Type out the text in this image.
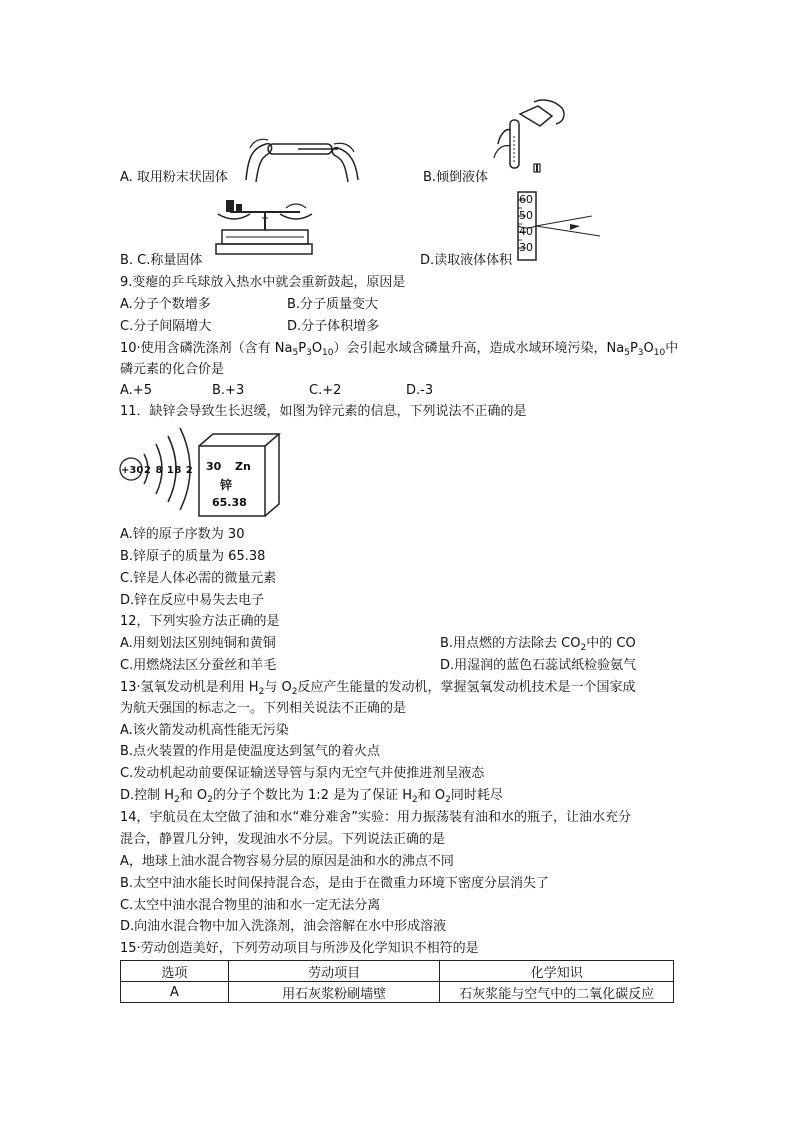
A. 取用粉末状固体	B.倾倒液体
60
50
40
30
B. C.称量固体	D.读取液体体积
9.变瘪的乒乓球放入热水中就会重新鼓起，原因是
A.分子个数增多	B.分子质量变大
C.分子间隔增大	D.分子体积增多
10·使用含磷洗涤剂（含有 $Na_5P_3O_{10}$）会引起水域含磷量升高，造成水域环境污染，$Na_5P_3O_{10}$中
磷元素的化合价是
A.+5	B.+3	C.+2	D.-3
11．缺锌会导致生长迟缓，如图为锌元素的信息，下列说法不正确的是
+30 2 8 18 2 30 Zn
锌
65.38
A.锌的原子序数为 30
B.锌原子的质量为 65.38
C.锌是人体必需的微量元素
D.锌在反应中易失去电子
12，下列实验方法正确的是
A.用刻划法区别纯铜和黄铜	B.用点燃的方法除去 $CO_2$中的 CO
C.用燃烧法区分蚕丝和羊毛	D.用湿润的蓝色石蕊试纸检验氨气
13·氢氧发动机是利用 $H_2$与 $O_2$反应产生能量的发动机，掌握氢氧发动机技术是一个国家成
为航天强国的标志之一。下列相关说法不正确的是
A.该火箭发动机高性能无污染
B.点火装置的作用是使温度达到氢气的着火点
C.发动机起动前要保证输送导管与泵内无空气并使推进剂呈液态
D.控制 $H_2$和 $O_2$的分子个数比为 1:2 是为了保证 $H_2$和 $O_2$同时耗尽
14，宇航员在太空做了油和水“难分难舍”实验：用力振荡装有油和水的瓶子，让油水充分
混合，静置几分钟，发现油水不分层。下列说法正确的是
A，地球上油水混合物容易分层的原因是油和水的沸点不同
B.太空中油水能长时间保持混合态，是由于在微重力环境下密度分层消失了
C.太空中油水混合物里的油和水一定无法分离
D.向油水混合物中加入洗涤剂，油会溶解在水中形成溶液
15·劳动创造美好，下列劳动项目与所涉及化学知识不相符的是
选项	劳动项目	化学知识
A	用石灰浆粉刷墙壁	石灰浆能与空气中的二氧化碳反应
